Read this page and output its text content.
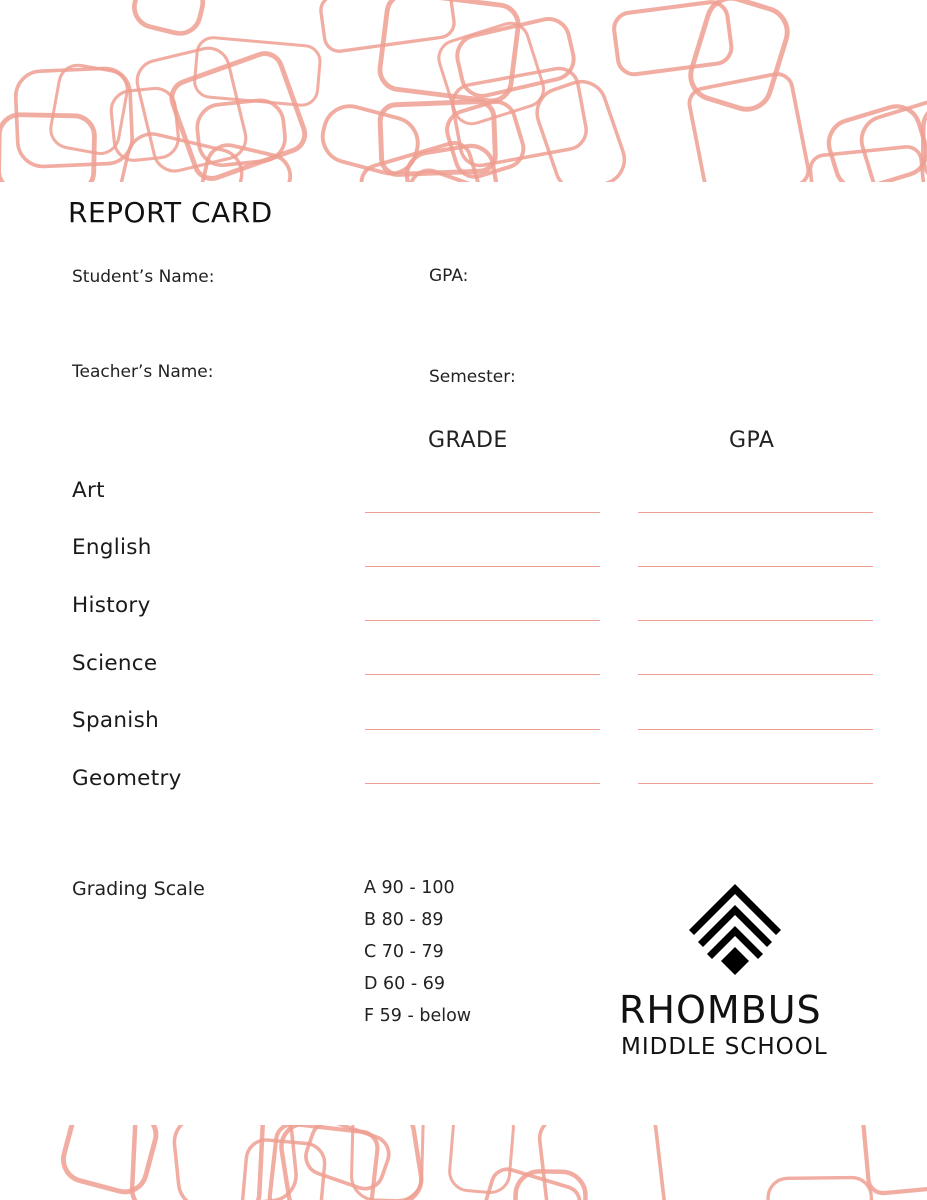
REPORT CARD
Student’s Name:	GPA:
Teacher’s Name:	Semester:
GRADE	GPA
Art
English
History
Science
Spanish
Geometry
Grading Scale	A 90 - 100
B 80 - 89
C 70 - 79
D 60 - 69
F 59 - below	RHOMBUS
MIDDLE SCHOOL
